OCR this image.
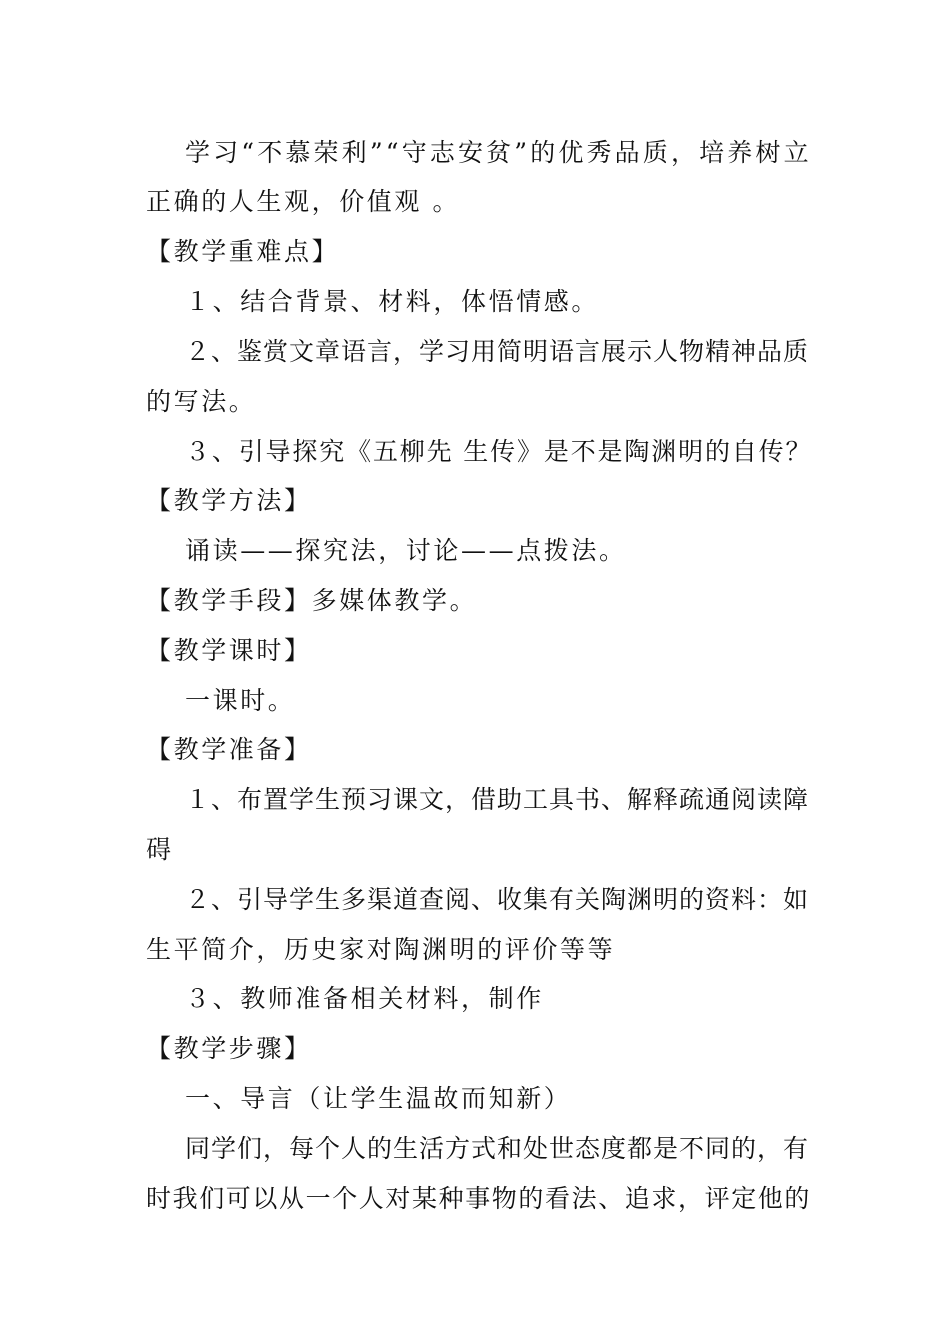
学习“不慕荣利”“守志安贫”的优秀品质，培养树立
正确的人生观，价值观 。
【教学重难点】
１、结合背景、材料，体悟情感。
２、鉴赏文章语言，学习用简明语言展示人物精神品质
的写法。
３、引导探究《五柳先 生传》是不是陶渊明的自传？
【教学方法】
诵读——探究法，讨论——点拨法。
【教学手段】多媒体教学。
【教学课时】
一课时。
【教学准备】
１、布置学生预习课文，借助工具书、解释疏通阅读障
碍
２、引导学生多渠道查阅、收集有关陶渊明的资料：如
生平简介，历史家对陶渊明的评价等等
３、教师准备相关材料，制作
【教学步骤】
一、导言（让学生温故而知新）
同学们，每个人的生活方式和处世态度都是不同的，有
时我们可以从一个人对某种事物的看法、追求，评定他的
